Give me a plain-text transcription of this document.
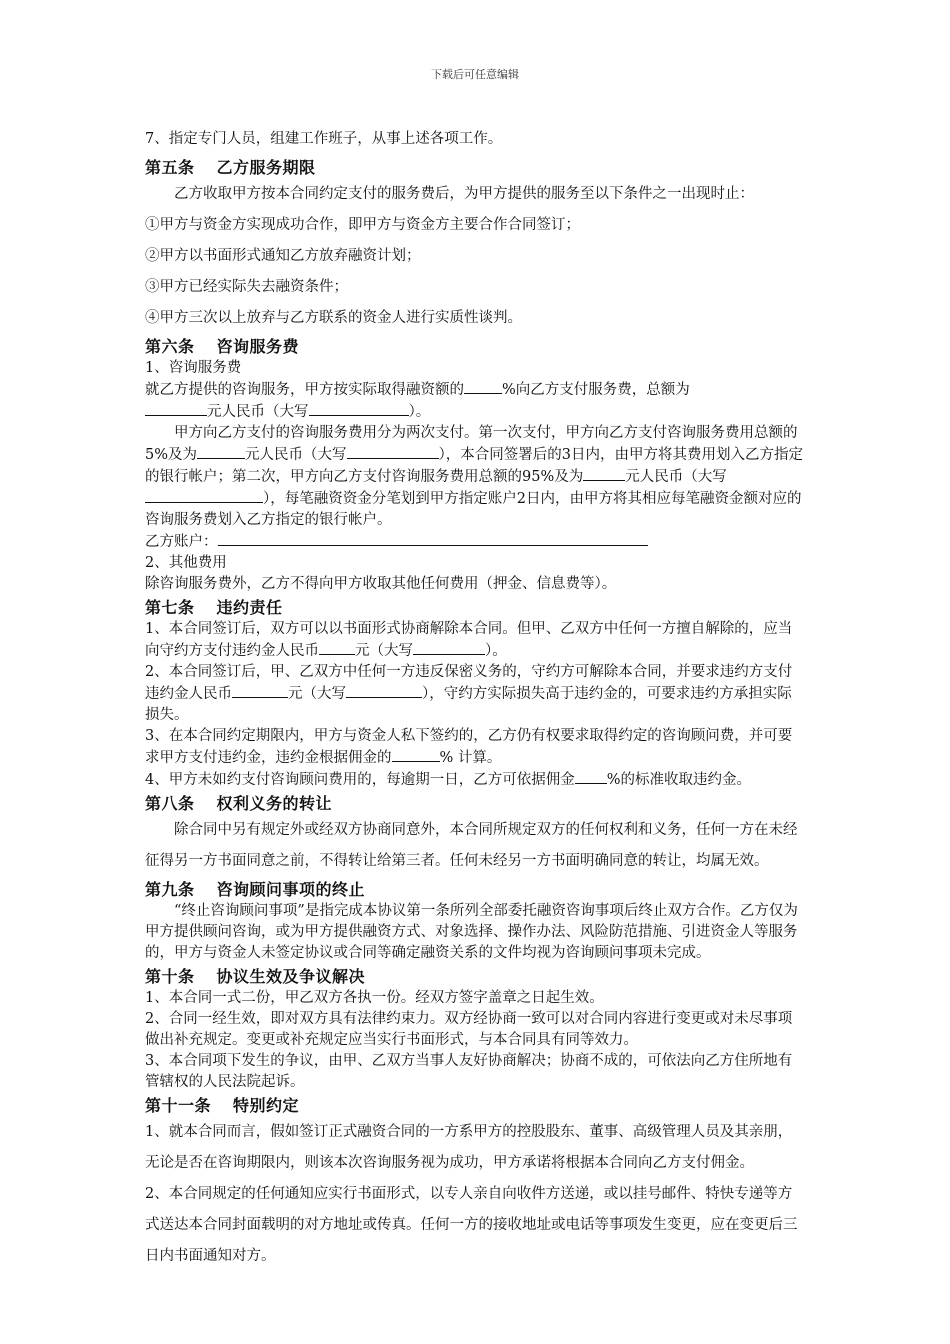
下载后可任意编辑

7、指定专门人员，组建工作班子，从事上述各项工作。

第五条 乙方服务期限

乙方收取甲方按本合同约定支付的服务费后，为甲方提供的服务至以下条件之一出现时止：

①甲方与资金方实现成功合作，即甲方与资金方主要合作合同签订；

②甲方以书面形式通知乙方放弃融资计划；

③甲方已经实际失去融资条件；

④甲方三次以上放弃与乙方联系的资金人进行实质性谈判。

第六条 咨询服务费

1、咨询服务费

就乙方提供的咨询服务，甲方按实际取得融资额的	%向乙方支付服务费，总额为
元人民币（大写	）。

甲方向乙方支付的咨询服务费用分为两次支付。第一次支付，甲方向乙方支付咨询服务费用总额的5%及为	元人民币（大写	），本合同签署后的3日内，由甲方将其费用划入乙方指定的银行帐户；第二次，甲方向乙方支付咨询服务费用总额的95%及为	元人民币（大写），每笔融资资金分笔划到甲方指定账户2日内，由甲方将其相应每笔融资金额对应的咨询服务费划入乙方指定的银行帐户。

乙方账户：

2、其他费用

除咨询服务费外，乙方不得向甲方收取其他任何费用（押金、信息费等）。

第七条 违约责任

1、本合同签订后，双方可以以书面形式协商解除本合同。但甲、乙双方中任何一方擅自解除的，应当向守约方支付违约金人民币 元（大写	）。

2、本合同签订后，甲、乙双方中任何一方违反保密义务的，守约方可解除本合同，并要求违约方支付违约金人民币	元（大写	），守约方实际损失高于违约金的，可要求违约方承担实际损失。

3、在本合同约定期限内，甲方与资金人私下签约的，乙方仍有权要求取得约定的咨询顾问费，并可要求甲方支付违约金，违约金根据佣金的	% 计算。

4、甲方未如约支付咨询顾问费用的，每逾期一日，乙方可依据佣金 %的标准收取违约金。

第八条 权利义务的转让

除合同中另有规定外或经双方协商同意外，本合同所规定双方的任何权利和义务，任何一方在未经征得另一方书面同意之前，不得转让给第三者。任何未经另一方书面明确同意的转让，均属无效。

第九条 咨询顾问事项的终止

“终止咨询顾问事项”是指完成本协议第一条所列全部委托融资咨询事项后终止双方合作。乙方仅为甲方提供顾问咨询，或为甲方提供融资方式、对象选择、操作办法、风险防范措施、引进资金人等服务的，甲方与资金人未签定协议或合同等确定融资关系的文件均视为咨询顾问事项未完成。

第十条 协议生效及争议解决

1、本合同一式二份，甲乙双方各执一份。经双方签字盖章之日起生效。

2、合同一经生效，即对双方具有法律约束力。双方经协商一致可以对合同内容进行变更或对未尽事项做出补充规定。变更或补充规定应当实行书面形式，与本合同具有同等效力。

3、本合同项下发生的争议，由甲、乙双方当事人友好协商解决；协商不成的，可依法向乙方住所地有管辖权的人民法院起诉。

第十一条 特别约定

1、就本合同而言，假如签订正式融资合同的一方系甲方的控股股东、董事、高级管理人员及其亲朋，无论是否在咨询期限内，则该本次咨询服务视为成功，甲方承诺将根据本合同向乙方支付佣金。

2、本合同规定的任何通知应实行书面形式，以专人亲自向收件方送递，或以挂号邮件、特快专递等方式送达本合同封面载明的对方地址或传真。任何一方的接收地址或电话等事项发生变更，应在变更后三日内书面通知对方。
